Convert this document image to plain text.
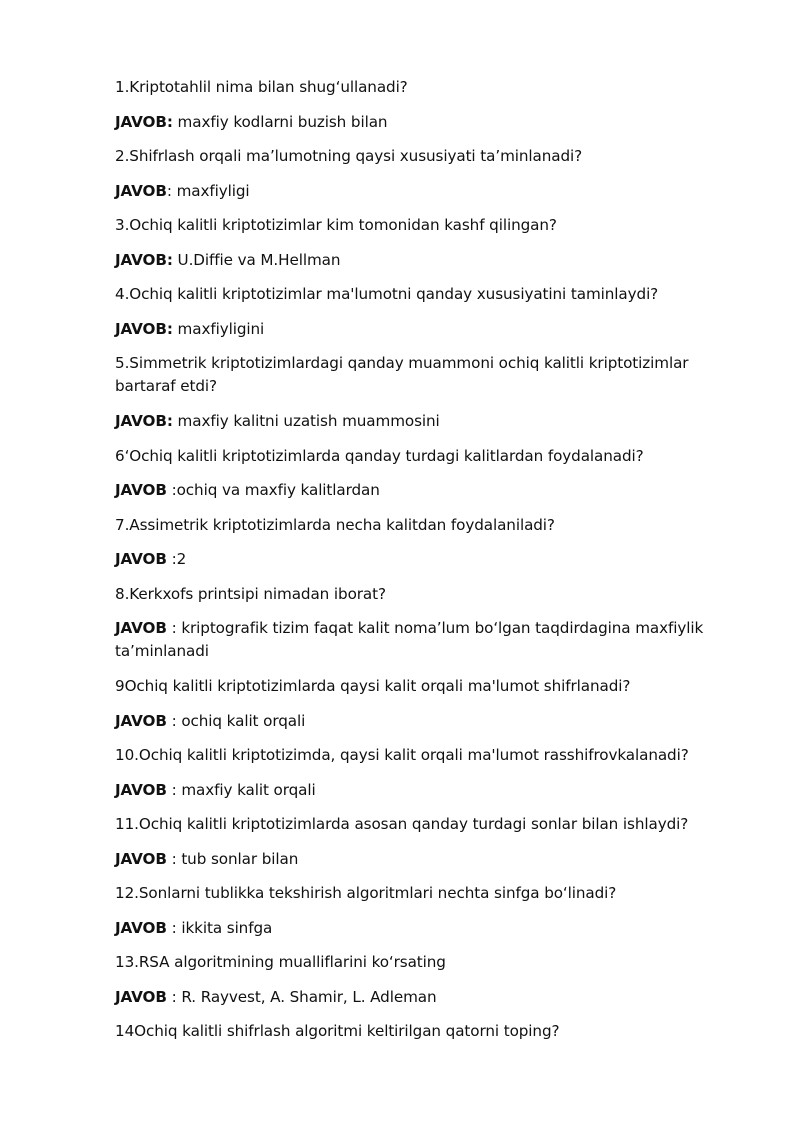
1.Kriptotahlil nima bilan shug‘ullanadi?
JAVOB: maxfiy kodlarni buzish bilan
2.Shifrlash orqali ma’lumotning qaysi xususiyati ta’minlanadi?
JAVOB: maxfiyligi
3.Ochiq kalitli kriptotizimlar kim tomonidan kashf qilingan?
JAVOB: U.Diffie va M.Hellman
4.Ochiq kalitli kriptotizimlar ma'lumotni qanday xususiyatini taminlaydi?
JAVOB: maxfiyligini
5.Simmetrik kriptotizimlardagi qanday muammoni ochiq kalitli kriptotizimlar bartaraf etdi?
JAVOB: maxfiy kalitni uzatish muammosini
6‘Ochiq kalitli kriptotizimlarda qanday turdagi kalitlardan foydalanadi?
JAVOB :ochiq va maxfiy kalitlardan
7.Assimetrik kriptotizimlarda necha kalitdan foydalaniladi?
JAVOB :2
8.Kerkxofs printsipi nimadan iborat?
JAVOB : kriptografik tizim faqat kalit noma’lum bo‘lgan taqdirdagina maxfiylik ta’minlanadi
9Ochiq kalitli kriptotizimlarda qaysi kalit orqali ma'lumot shifrlanadi?
JAVOB : ochiq kalit orqali
10.Ochiq kalitli kriptotizimda, qaysi kalit orqali ma'lumot rasshifrovkalanadi?
JAVOB : maxfiy kalit orqali
11.Ochiq kalitli kriptotizimlarda asosan qanday turdagi sonlar bilan ishlaydi?
JAVOB : tub sonlar bilan
12.Sonlarni tublikka tekshirish algoritmlari nechta sinfga bo‘linadi?
JAVOB : ikkita sinfga
13.RSA algoritmining mualliflarini ko‘rsating
JAVOB : R. Rayvest, A. Shamir, L. Adleman
14Ochiq kalitli shifrlash algoritmi keltirilgan qatorni toping?
